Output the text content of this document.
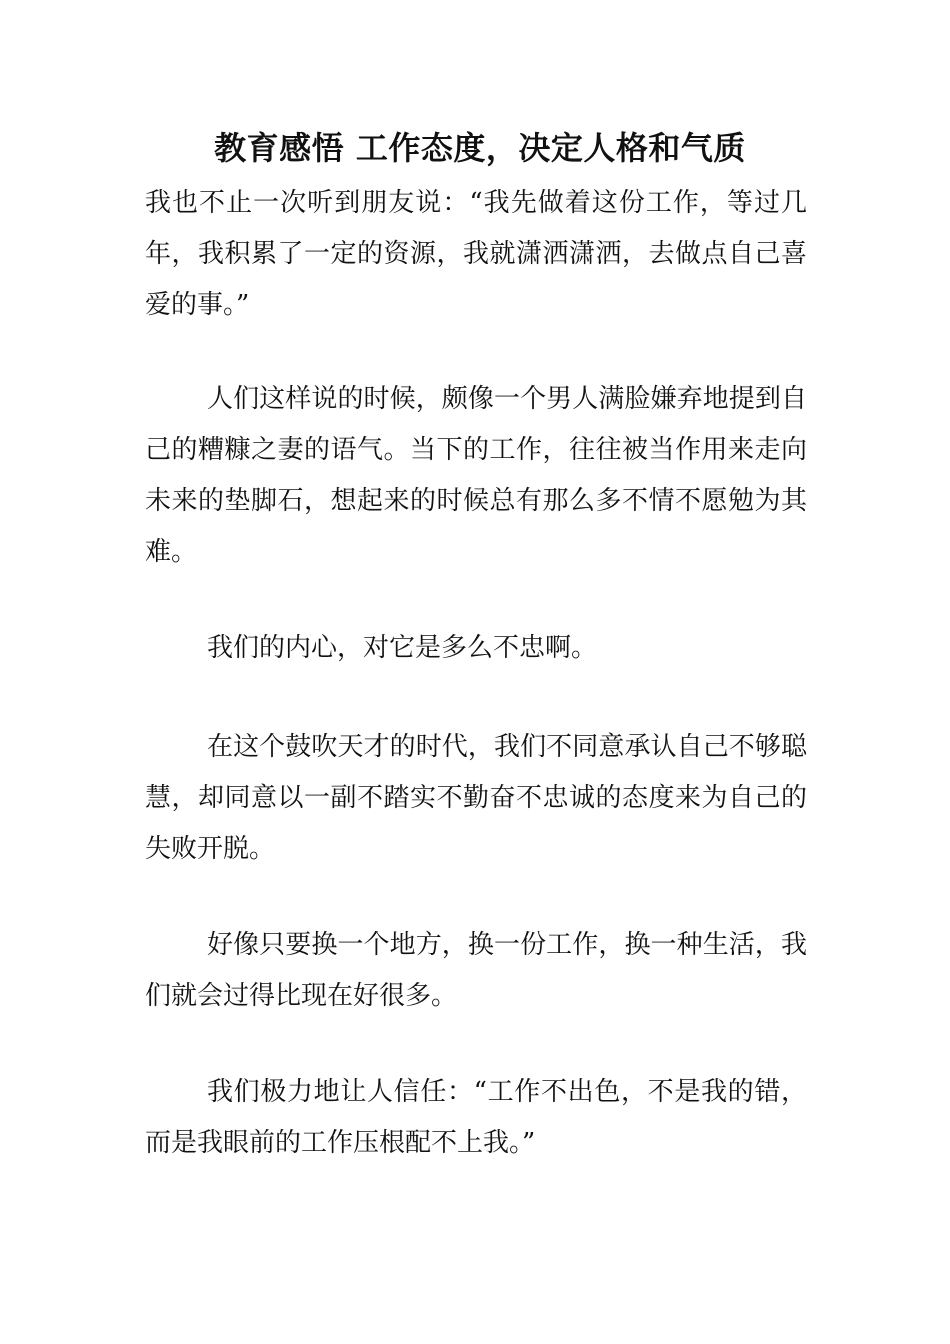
教育感悟 工作态度，决定人格和气质

我也不止一次听到朋友说：“我先做着这份工作，等过几年，我积累了一定的资源，我就潇洒潇洒，去做点自己喜爱的事。”

人们这样说的时候，颇像一个男人满脸嫌弃地提到自己的糟糠之妻的语气。当下的工作，往往被当作用来走向未来的垫脚石，想起来的时候总有那么多不情不愿勉为其难。

我们的内心，对它是多么不忠啊。

在这个鼓吹天才的时代，我们不同意承认自己不够聪慧，却同意以一副不踏实不勤奋不忠诚的态度来为自己的失败开脱。

好像只要换一个地方，换一份工作，换一种生活，我们就会过得比现在好很多。

我们极力地让人信任：“工作不出色，不是我的错，而是我眼前的工作压根配不上我。”
